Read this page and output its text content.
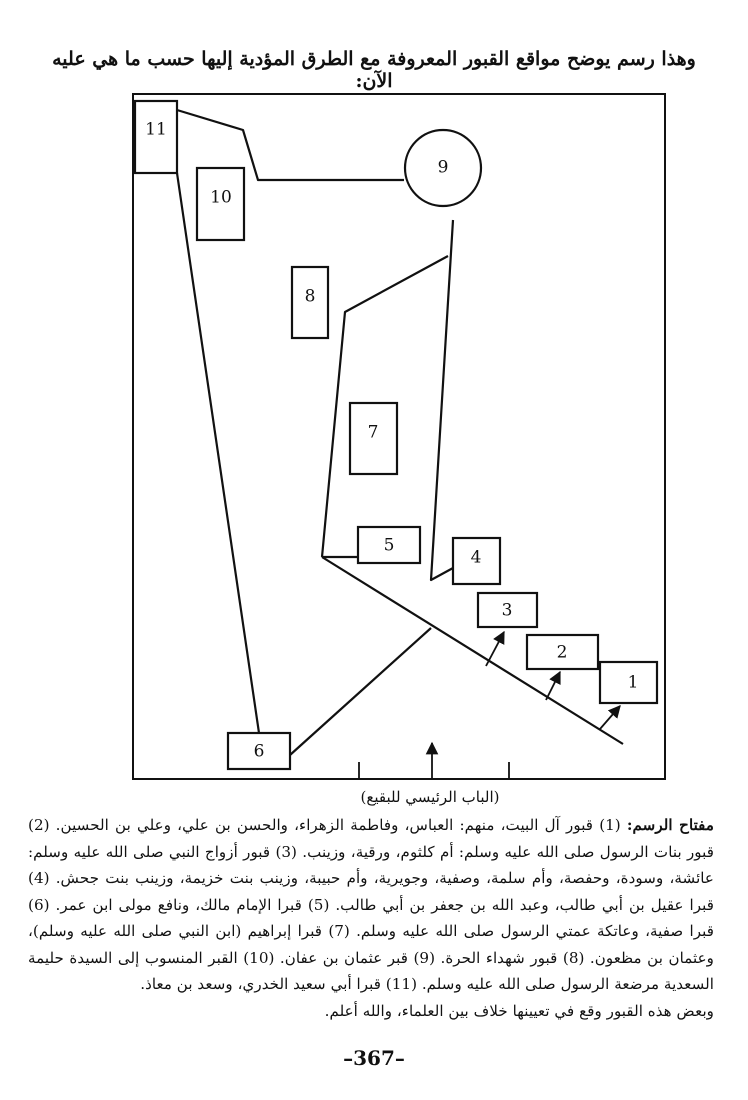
وهذا رسم يوضح مواقع القبور المعروفة مع الطرق المؤدية إليها حسب ما هي عليه الآن:
11
10
8
7
5
4
3
2
1
6
9
(الباب الرئيسي للبقيع)
مفتاح الرسم: (1) قبور آل البيت، منهم: العباس، وفاطمة الزهراء، والحسن بن علي، وعلي بن الحسين. (2) قبور بنات الرسول صلى الله عليه وسلم: أم كلثوم، ورقية، وزينب. (3) قبور أزواج النبي صلى الله عليه وسلم: عائشة، وسودة، وحفصة، وأم سلمة، وصفية، وجويرية، وأم حبيبة، وزينب بنت خزيمة، وزينب بنت جحش. (4) قبرا عقيل بن أبي طالب، وعبد الله بن جعفر بن أبي طالب. (5) قبرا الإمام مالك، ونافع مولى ابن عمر. (6) قبرا صفية، وعاتكة عمتي الرسول صلى الله عليه وسلم. (7) قبرا إبراهيم (ابن النبي صلى الله عليه وسلم)، وعثمان بن مظعون. (8) قبور شهداء الحرة. (9) قبر عثمان بن عفان. (10) القبر المنسوب إلى السيدة حليمة السعدية مرضعة الرسول صلى الله عليه وسلم. (11) قبرا أبي سعيد الخدري، وسعد بن معاذ.
وبعض هذه القبور وقع في تعيينها خلاف بين العلماء، والله أعلم.
–367–
